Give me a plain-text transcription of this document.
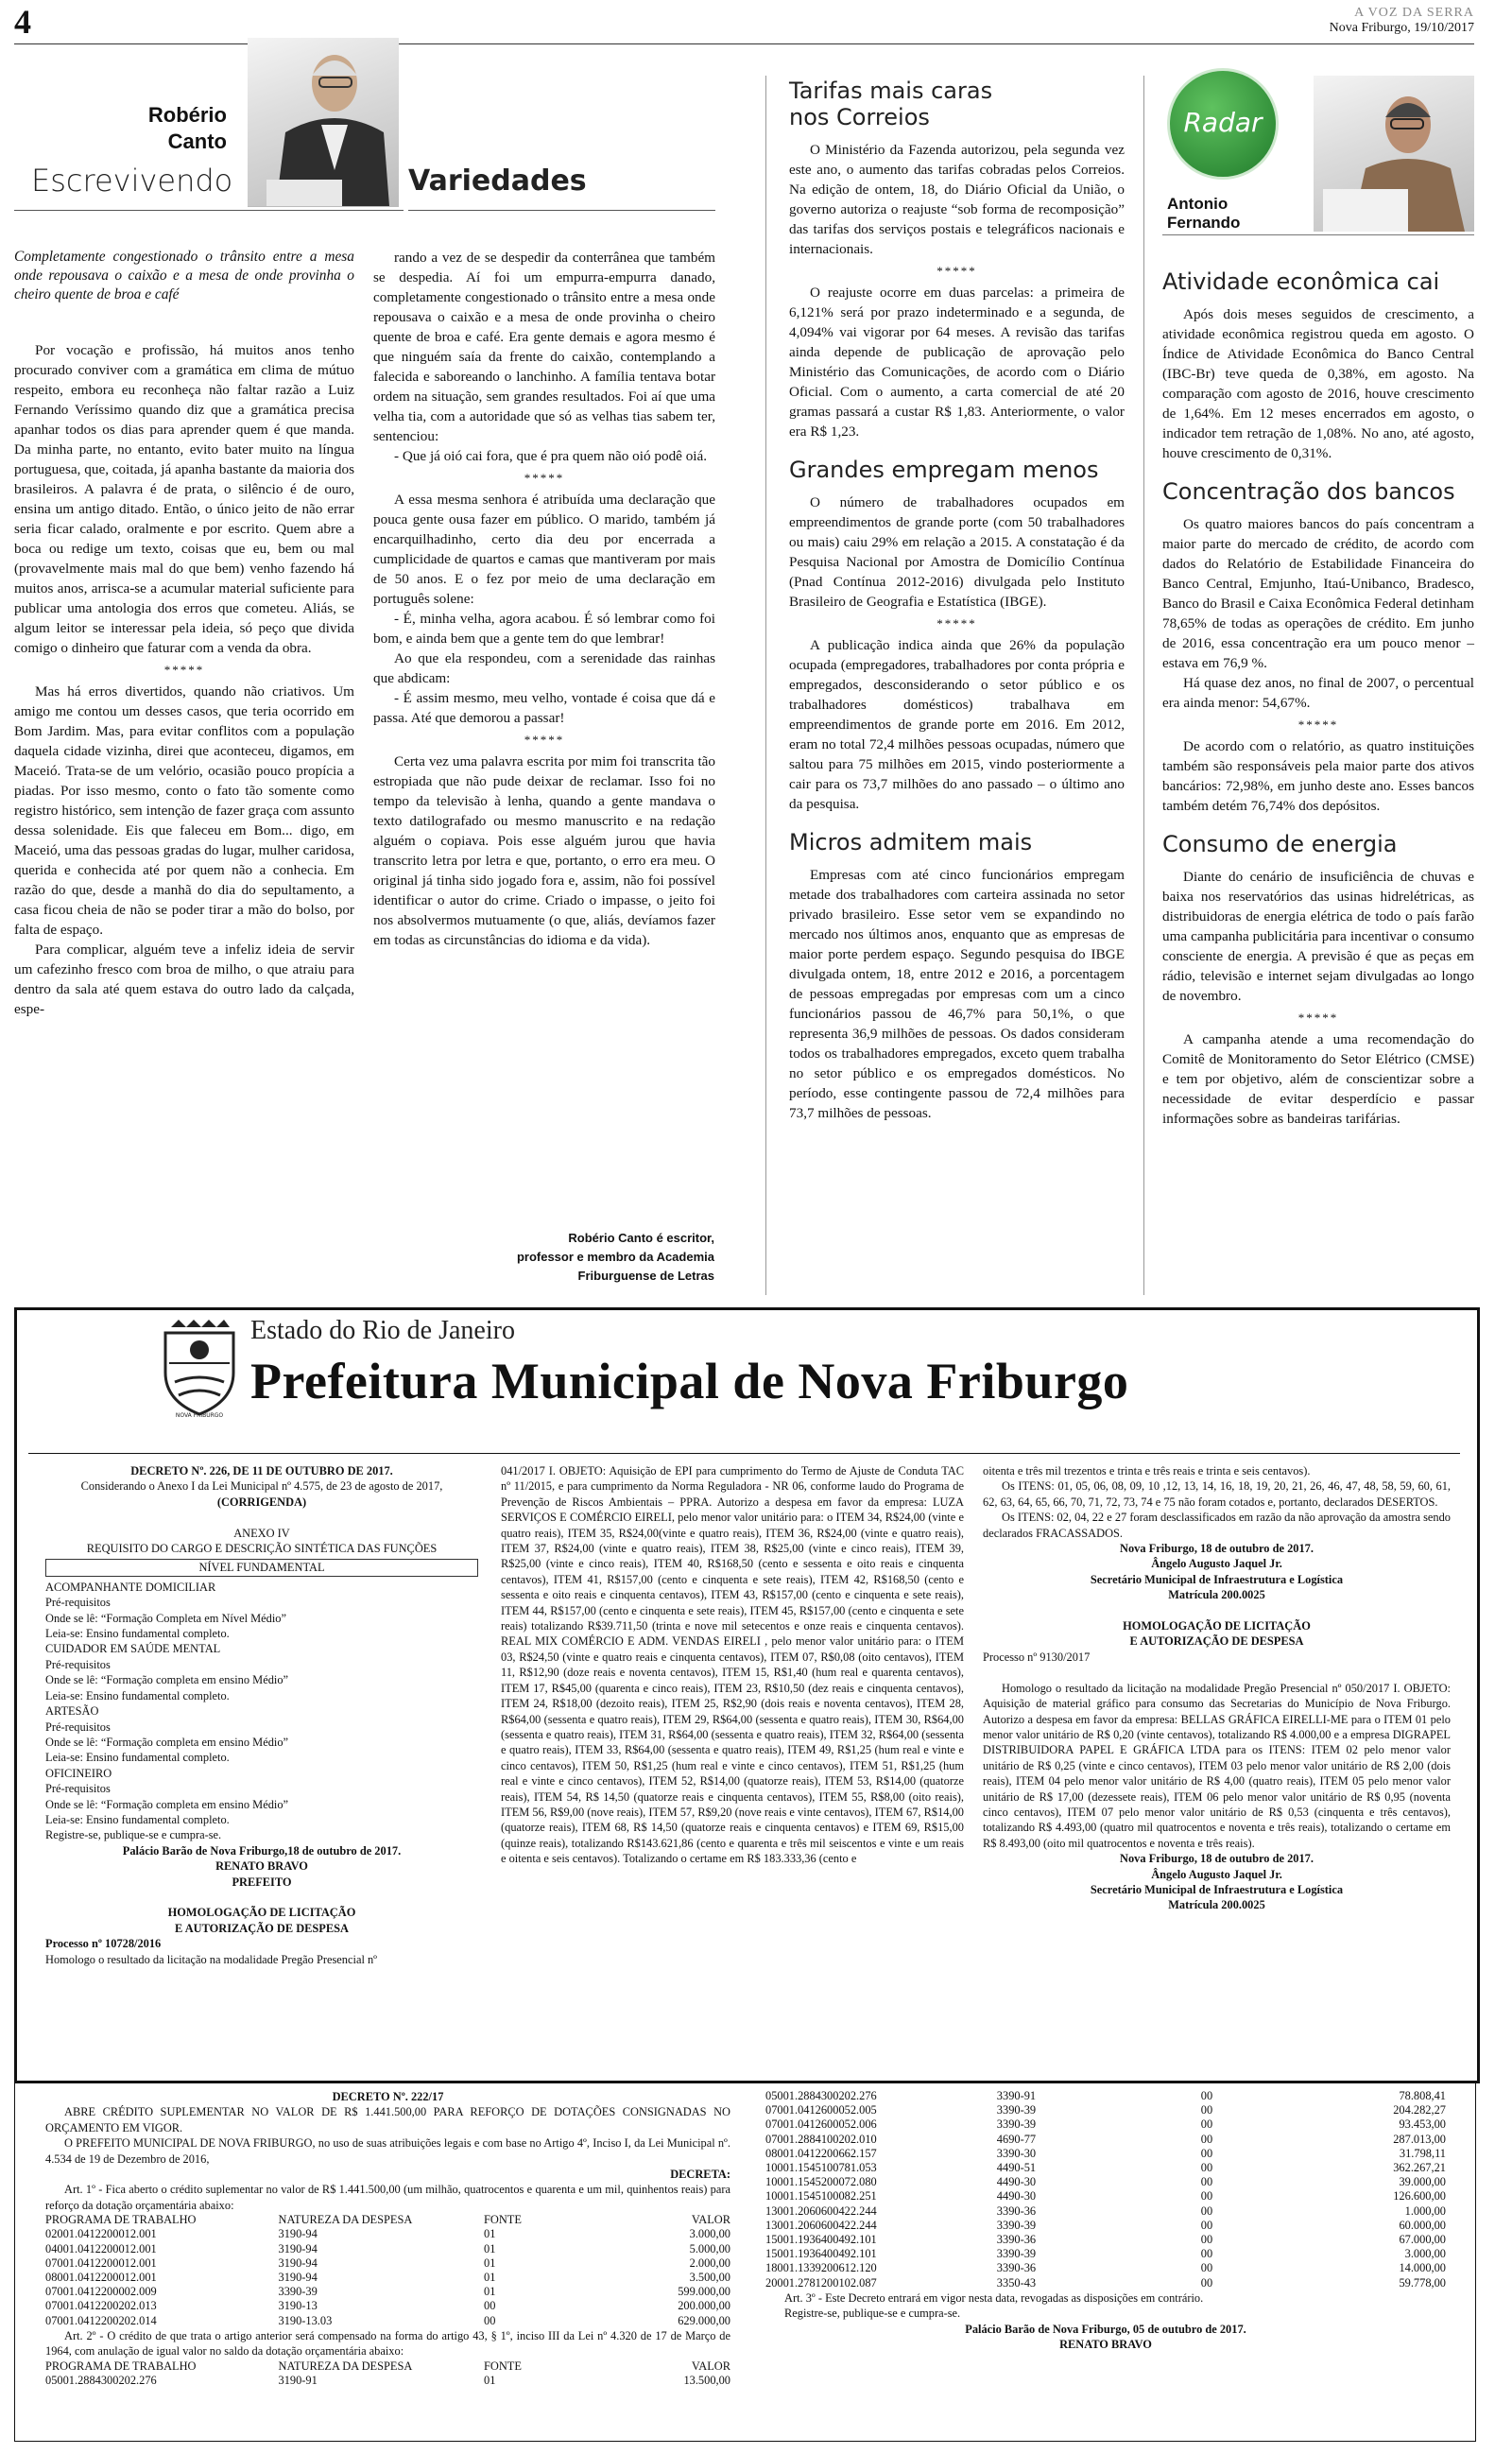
4	A VOZ DA SERRA
Nova Friburgo, 19/10/2017
Robério
Canto
Escrevivendo	Variedades
Completamente congestionado o trânsito entre a mesa onde repousava o caixão e a mesa de onde provinha o cheiro quente de broa e café

Por vocação e profissão, há muitos anos tenho procurado conviver com a gramática em clima de mútuo respeito, embora eu reconheça não faltar razão a Luiz Fernando Veríssimo quando diz que a gramática precisa apanhar todos os dias para aprender quem é que manda. Da minha parte, no entanto, evito bater muito na língua portuguesa, que, coitada, já apanha bastante da maioria dos brasileiros. A palavra é de prata, o silêncio é de ouro, ensina um antigo ditado. Então, o único jeito de não errar seria ficar calado, oralmente e por escrito. Quem abre a boca ou redige um texto, coisas que eu, bem ou mal (provavelmente mais mal do que bem) venho fazendo há muitos anos, arrisca-se a acumular material suficiente para publicar uma antologia dos erros que cometeu. Aliás, se algum leitor se interessar pela ideia, só peço que divida comigo o dinheiro que faturar com a venda da obra.

*****

Mas há erros divertidos, quando não criativos. Um amigo me contou um desses casos, que teria ocorrido em Bom Jardim. Mas, para evitar conflitos com a população daquela cidade vizinha, direi que aconteceu, digamos, em Maceió. Trata-se de um velório, ocasião pouco propícia a piadas. Por isso mesmo, conto o fato tão somente como registro histórico, sem intenção de fazer graça com assunto dessa solenidade. Eis que faleceu em Bom... digo, em Maceió, uma das pessoas gradas do lugar, mulher caridosa, querida e conhecida até por quem não a conhecia. Em razão do que, desde a manhã do dia do sepultamento, a casa ficou cheia de não se poder tirar a mão do bolso, por falta de espaço.

Para complicar, alguém teve a infeliz ideia de servir um cafezinho fresco com broa de milho, o que atraiu para dentro da sala até quem estava do outro lado da calçada, espe-

rando a vez de se despedir da conterrânea que também se despedia. Aí foi um empurra-empurra danado, completamente congestionado o trânsito entre a mesa onde repousava o caixão e a mesa de onde provinha o cheiro quente de broa e café. Era gente demais e agora mesmo é que ninguém saía da frente do caixão, contemplando a falecida e saboreando o lanchinho. A família tentava botar ordem na situação, sem grandes resultados. Foi aí que uma velha tia, com a autoridade que só as velhas tias sabem ter, sentenciou:

- Que já oió cai fora, que é pra quem não oió podê oiá.

*****

A essa mesma senhora é atribuída uma declaração que pouca gente ousa fazer em público. O marido, também já encarquilhadinho, certo dia deu por encerrada a cumplicidade de quartos e camas que mantiveram por mais de 50 anos. E o fez por meio de uma declaração em português solene:

- É, minha velha, agora acabou. É só lembrar como foi bom, e ainda bem que a gente tem do que lembrar!

Ao que ela respondeu, com a serenidade das rainhas que abdicam:

- É assim mesmo, meu velho, vontade é coisa que dá e passa. Até que demorou a passar!

*****

Certa vez uma palavra escrita por mim foi transcrita tão estropiada que não pude deixar de reclamar. Isso foi no tempo da televisão à lenha, quando a gente mandava o texto datilografado ou mesmo manuscrito e na redação alguém o copiava. Pois esse alguém jurou que havia transcrito letra por letra e que, portanto, o erro era meu. O original já tinha sido jogado fora e, assim, não foi possível identificar o autor do crime. Criado o impasse, o jeito foi nos absolvermos mutuamente (o que, aliás, devíamos fazer em todas as circunstâncias do idioma e da vida).

Robério Canto é escritor,
professor e membro da Academia
Friburguense de Letras
Tarifas mais caras nos Correios

O Ministério da Fazenda autorizou, pela segunda vez este ano, o aumento das tarifas cobradas pelos Correios. Na edição de ontem, 18, do Diário Oficial da União, o governo autoriza o reajuste “sob forma de recomposição” das tarifas dos serviços postais e telegráficos nacionais e internacionais.

*****

O reajuste ocorre em duas parcelas: a primeira de 6,121% será por prazo indeterminado e a segunda, de 4,094% vai vigorar por 64 meses. A revisão das tarifas ainda depende de publicação de aprovação pelo Ministério das Comunicações, de acordo com o Diário Oficial. Com o aumento, a carta comercial de até 20 gramas passará a custar R$ 1,83. Anteriormente, o valor era R$ 1,23.

Grandes empregam menos

O número de trabalhadores ocupados em empreendimentos de grande porte (com 50 trabalhadores ou mais) caiu 29% em relação a 2015. A constatação é da Pesquisa Nacional por Amostra de Domicílio Contínua (Pnad Contínua 2012-2016) divulgada pelo Instituto Brasileiro de Geografia e Estatística (IBGE).

*****

A publicação indica ainda que 26% da população ocupada (empregadores, trabalhadores por conta própria e empregados, desconsiderando o setor público e os trabalhadores domésticos) trabalhava em empreendimentos de grande porte em 2016. Em 2012, eram no total 72,4 milhões pessoas ocupadas, número que saltou para 75 milhões em 2015, vindo posteriormente a cair para os 73,7 milhões do ano passado – o último ano da pesquisa.

Micros admitem mais

Empresas com até cinco funcionários empregam metade dos trabalhadores com carteira assinada no setor privado brasileiro. Esse setor vem se expandindo no mercado nos últimos anos, enquanto que as empresas de maior porte perdem espaço. Segundo pesquisa do IBGE divulgada ontem, 18, entre 2012 e 2016, a porcentagem de pessoas empregadas por empresas com um a cinco funcionários passou de 46,7% para 50,1%, o que representa 36,9 milhões de pessoas. Os dados consideram todos os trabalhadores empregados, exceto quem trabalha no setor público e os empregados domésticos. No período, esse contingente passou de 72,4 milhões para 73,7 milhões de pessoas.

Radar
Antonio
Fernando
Atividade econômica cai

Após dois meses seguidos de crescimento, a atividade econômica registrou queda em agosto. O Índice de Atividade Econômica do Banco Central (IBC-Br) teve queda de 0,38%, em agosto. Na comparação com agosto de 2016, houve crescimento de 1,64%. Em 12 meses encerrados em agosto, o indicador tem retração de 1,08%. No ano, até agosto, houve crescimento de 0,31%.

Concentração dos bancos

Os quatro maiores bancos do país concentram a maior parte do mercado de crédito, de acordo com dados do Relatório de Estabilidade Financeira do Banco Central, Emjunho, Itaú-Unibanco, Bradesco, Banco do Brasil e Caixa Econômica Federal detinham 78,65% de todas as operações de crédito. Em junho de 2016, essa concentração era um pouco menor – estava em 76,9 %.

Há quase dez anos, no final de 2007, o percentual era ainda menor: 54,67%.

*****

De acordo com o relatório, as quatro instituições também são responsáveis pela maior parte dos ativos bancários: 72,98%, em junho deste ano. Esses bancos também detém 76,74% dos depósitos.

Consumo de energia

Diante do cenário de insuficiência de chuvas e baixa nos reservatórios das usinas hidrelétricas, as distribuidoras de energia elétrica de todo o país farão uma campanha publicitária para incentivar o consumo consciente de energia. A previsão é que as peças em rádio, televisão e internet sejam divulgadas ao longo de novembro.

*****

A campanha atende a uma recomendação do Comitê de Monitoramento do Setor Elétrico (CMSE) e tem por objetivo, além de conscientizar sobre a necessidade de evitar desperdício e passar informações sobre as bandeiras tarifárias.

NOVA FRIBURGO
Estado do Rio de Janeiro
Prefeitura Municipal de Nova Friburgo

DECRETO Nº. 226, DE 11 DE OUTUBRO DE 2017.

Considerando o Anexo I da Lei Municipal nº 4.575, de 23 de agosto de 2017,

(CORRIGENDA)

ANEXO IV

REQUISITO DO CARGO E DESCRIÇÃO SINTÉTICA DAS FUNÇÕES

NÍVEL FUNDAMENTAL

ACOMPANHANTE DOMICILIAR

Pré-requisitos

Onde se lê: “Formação Completa em Nível Médio”

Leia-se: Ensino fundamental completo.

CUIDADOR EM SAÚDE MENTAL

Pré-requisitos

Onde se lê: “Formação completa em ensino Médio”

Leia-se: Ensino fundamental completo.

ARTESÃO

Pré-requisitos

Onde se lê: “Formação completa em ensino Médio”

Leia-se: Ensino fundamental completo.

OFICINEIRO

Pré-requisitos

Onde se lê: “Formação completa em ensino Médio”

Leia-se: Ensino fundamental completo.

Registre-se, publique-se e cumpra-se.

Palácio Barão de Nova Friburgo,18 de outubro de 2017.

RENATO BRAVO

PREFEITO

HOMOLOGAÇÃO DE LICITAÇÃO

E AUTORIZAÇÃO DE DESPESA

Processo nº 10728/2016

Homologo o resultado da licitação na modalidade Pregão Presencial nº

041/2017 I. OBJETO: Aquisição de EPI para cumprimento do Termo de Ajuste de Conduta TAC nº 11/2015, e para cumprimento da Norma Reguladora - NR 06, conforme laudo do Programa de Prevenção de Riscos Ambientais – PPRA. Autorizo a despesa em favor da empresa: LUZA SERVIÇOS E COMÉRCIO EIRELI, pelo menor valor unitário para: o ITEM 34, R$24,00 (vinte e quatro reais), ITEM 35, R$24,00(vinte e quatro reais), ITEM 36, R$24,00 (vinte e quatro reais), ITEM 37, R$24,00 (vinte e quatro reais), ITEM 38, R$25,00 (vinte e cinco reais), ITEM 39, R$25,00 (vinte e cinco reais), ITEM 40, R$168,50 (cento e sessenta e oito reais e cinquenta centavos), ITEM 41, R$157,00 (cento e cinquenta e sete reais), ITEM 42, R$168,50 (cento e sessenta e oito reais e cinquenta centavos), ITEM 43, R$157,00 (cento e cinquenta e sete reais), ITEM 44, R$157,00 (cento e cinquenta e sete reais), ITEM 45, R$157,00 (cento e cinquenta e sete reais) totalizando R$39.711,50 (trinta e nove mil setecentos e onze reais e cinquenta centavos). REAL MIX COMÉRCIO E ADM. VENDAS EIRELI , pelo menor valor unitário para: o ITEM 03, R$24,50 (vinte e quatro reais e cinquenta centavos), ITEM 07, R$0,08 (oito centavos), ITEM 11, R$12,90 (doze reais e noventa centavos), ITEM 15, R$1,40 (hum real e quarenta centavos), ITEM 17, R$45,00 (quarenta e cinco reais), ITEM 23, R$10,50 (dez reais e cinquenta centavos), ITEM 24, R$18,00 (dezoito reais), ITEM 25, R$2,90 (dois reais e noventa centavos), ITEM 28, R$64,00 (sessenta e quatro reais), ITEM 29, R$64,00 (sessenta e quatro reais), ITEM 30, R$64,00 (sessenta e quatro reais), ITEM 31, R$64,00 (sessenta e quatro reais), ITEM 32, R$64,00 (sessenta e quatro reais), ITEM 33, R$64,00 (sessenta e quatro reais), ITEM 49, R$1,25 (hum real e vinte e cinco centavos), ITEM 50, R$1,25 (hum real e vinte e cinco centavos), ITEM 51, R$1,25 (hum real e vinte e cinco centavos), ITEM 52, R$14,00 (quatorze reais), ITEM 53, R$14,00 (quatorze reais), ITEM 54, R$ 14,50 (quatorze reais e cinquenta centavos), ITEM 55, R$8,00 (oito reais), ITEM 56, R$9,00 (nove reais), ITEM 57, R$9,20 (nove reais e vinte centavos), ITEM 67, R$14,00 (quatorze reais), ITEM 68, R$ 14,50 (quatorze reais e cinquenta centavos) e ITEM 69, R$15,00 (quinze reais), totalizando R$143.621,86 (cento e quarenta e três mil seiscentos e vinte e um reais e oitenta e seis centavos). Totalizando o certame em R$ 183.333,36 (cento e

oitenta e três mil trezentos e trinta e três reais e trinta e seis centavos).

Os ITENS: 01, 05, 06, 08, 09, 10 ,12, 13, 14, 16, 18, 19, 20, 21, 26, 46, 47, 48, 58, 59, 60, 61, 62, 63, 64, 65, 66, 70, 71, 72, 73, 74 e 75 não foram cotados e, portanto, declarados DESERTOS.

Os ITENS: 02, 04, 22 e 27 foram desclassificados em razão da não aprovação da amostra sendo declarados FRACASSADOS.

Nova Friburgo, 18 de outubro de 2017.

Ângelo Augusto Jaquel Jr.

Secretário Municipal de Infraestrutura e Logística

Matrícula 200.0025

HOMOLOGAÇÃO DE LICITAÇÃO

E AUTORIZAÇÃO DE DESPESA

Processo nº 9130/2017

Homologo o resultado da licitação na modalidade Pregão Presencial nº 050/2017 I. OBJETO: Aquisição de material gráfico para consumo das Secretarias do Município de Nova Friburgo. Autorizo a despesa em favor da empresa: BELLAS GRÁFICA EIRELLI-ME para o ITEM 01 pelo menor valor unitário de R$ 0,20 (vinte centavos), totalizando R$ 4.000,00 e a empresa DIGRAPEL DISTRIBUIDORA PAPEL E GRÁFICA LTDA para os ITENS: ITEM 02 pelo menor valor unitário de R$ 0,25 (vinte e cinco centavos), ITEM 03 pelo menor valor unitário de R$ 2,00 (dois reais), ITEM 04 pelo menor valor unitário de R$ 4,00 (quatro reais), ITEM 05 pelo menor valor unitário de R$ 17,00 (dezessete reais), ITEM 06 pelo menor valor unitário de R$ 0,95 (noventa cinco centavos), ITEM 07 pelo menor valor unitário de R$ 0,53 (cinquenta e três centavos), totalizando R$ 4.493,00 (quatro mil quatrocentos e noventa e três reais), totalizando o certame em R$ 8.493,00 (oito mil quatrocentos e noventa e três reais).

Nova Friburgo, 18 de outubro de 2017.

Ângelo Augusto Jaquel Jr.

Secretário Municipal de Infraestrutura e Logística

Matrícula 200.0025

DECRETO Nº. 222/17

ABRE CRÉDITO SUPLEMENTAR NO VALOR DE R$ 1.441.500,00 PARA REFORÇO DE DOTAÇÕES CONSIGNADAS NO ORÇAMENTO EM VIGOR.

O PREFEITO MUNICIPAL DE NOVA FRIBURGO, no uso de suas atribuições legais e com base no Artigo 4º, Inciso I, da Lei Municipal nº. 4.534 de 19 de Dezembro de 2016,

DECRETA:

Art. 1º - Fica aberto o crédito suplementar no valor de R$ 1.441.500,00 (um milhão, quatrocentos e quarenta e um mil, quinhentos reais) para reforço da dotação orçamentária abaixo:

PROGRAMA DE TRABALHO	NATUREZA DA DESPESA	FONTE	VALOR
02001.0412200012.001	3190-94	01	3.000,00
04001.0412200012.001	3190-94	01	5.000,00
07001.0412200012.001	3190-94	01	2.000,00
08001.0412200012.001	3190-94	01	3.500,00
07001.0412200002.009	3390-39	01	599.000,00
07001.0412200202.013	3190-13	00	200.000,00
07001.0412200202.014	3190-13.03	00	629.000,00

Art. 2º - O crédito de que trata o artigo anterior será compensado na forma do artigo 43, § 1º, inciso III da Lei nº 4.320 de 17 de Março de 1964, com anulação de igual valor no saldo da dotação orçamentária abaixo:

PROGRAMA DE TRABALHO	NATUREZA DA DESPESA	FONTE	VALOR
05001.2884300202.276	3190-91	01	13.500,00
05001.2884300202.276	3390-91	00	78.808,41
07001.0412600052.005	3390-39	00	204.282,27
07001.0412600052.006	3390-39	00	93.453,00
07001.2884100202.010	4690-77	00	287.013,00
08001.0412200662.157	3390-30	00	31.798,11
10001.1545100781.053	4490-51	00	362.267,21
10001.1545200072.080	4490-30	00	39.000,00
10001.1545100082.251	4490-30	00	126.600,00
13001.2060600422.244	3390-36	00	1.000,00
13001.2060600422.244	3390-39	00	60.000,00
15001.1936400492.101	3390-36	00	67.000,00
15001.1936400492.101	3390-39	00	3.000,00
18001.1339200612.120	3390-36	00	14.000,00
20001.2781200102.087	3350-43	00	59.778,00

Art. 3º - Este Decreto entrará em vigor nesta data, revogadas as disposições em contrário.

Registre-se, publique-se e cumpra-se.

Palácio Barão de Nova Friburgo, 05 de outubro de 2017.

RENATO BRAVO
